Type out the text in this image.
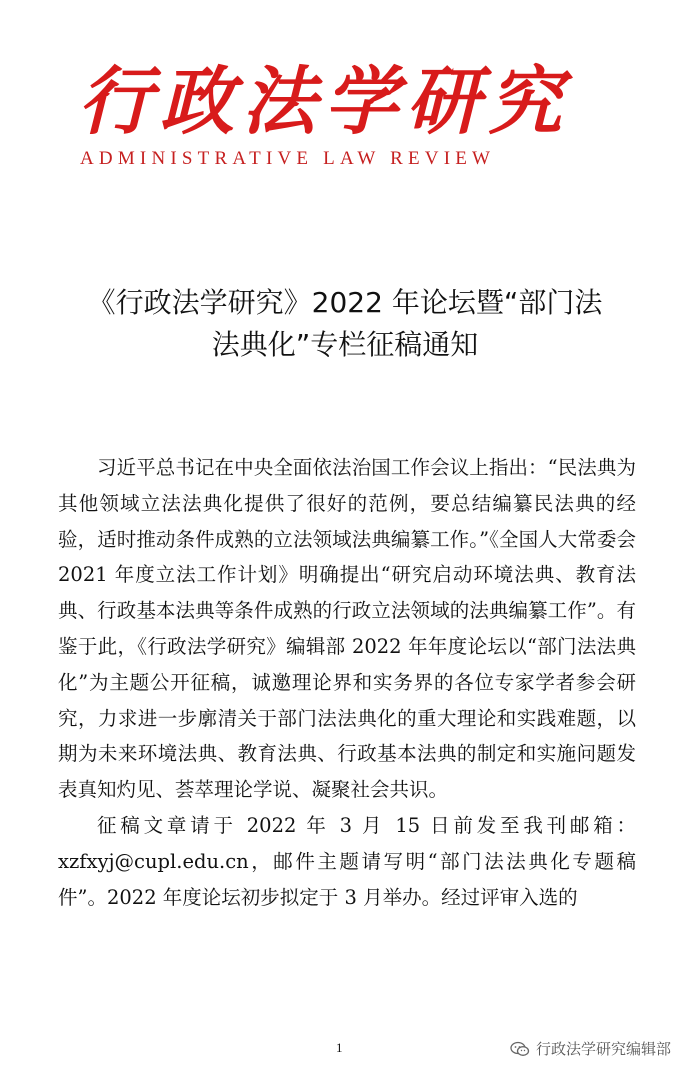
行政法学研究
ADMINISTRATIVE LAW REVIEW
《行政法学研究》2022 年论坛暨“部门法
法典化”专栏征稿通知

习近平总书记在中央全面依法治国工作会议上指出：“民法典为其他领域立法法典化提供了很好的范例，要总结编纂民法典的经验，适时推动条件成熟的立法领域法典编纂工作。”《全国人大常委会 2021 年度立法工作计划》明确提出“研究启动环境法典、教育法典、行政基本法典等条件成熟的行政立法领域的法典编纂工作”。有鉴于此，《行政法学研究》编辑部 2022 年年度论坛以“部门法法典化”为主题公开征稿，诚邀理论界和实务界的各位专家学者参会研究，力求进一步廓清关于部门法法典化的重大理论和实践难题，以期为未来环境法典、教育法典、行政基本法典的制定和实施问题发表真知灼见、荟萃理论学说、凝聚社会共识。

征稿文章请于 2022 年 3 月 15 日前发至我刊邮箱：xzfxyj@cupl.edu.cn，邮件主题请写明“部门法法典化专题稿件”。2022 年度论坛初步拟定于 3 月举办。经过评审入选的

1	行政法学研究编辑部
